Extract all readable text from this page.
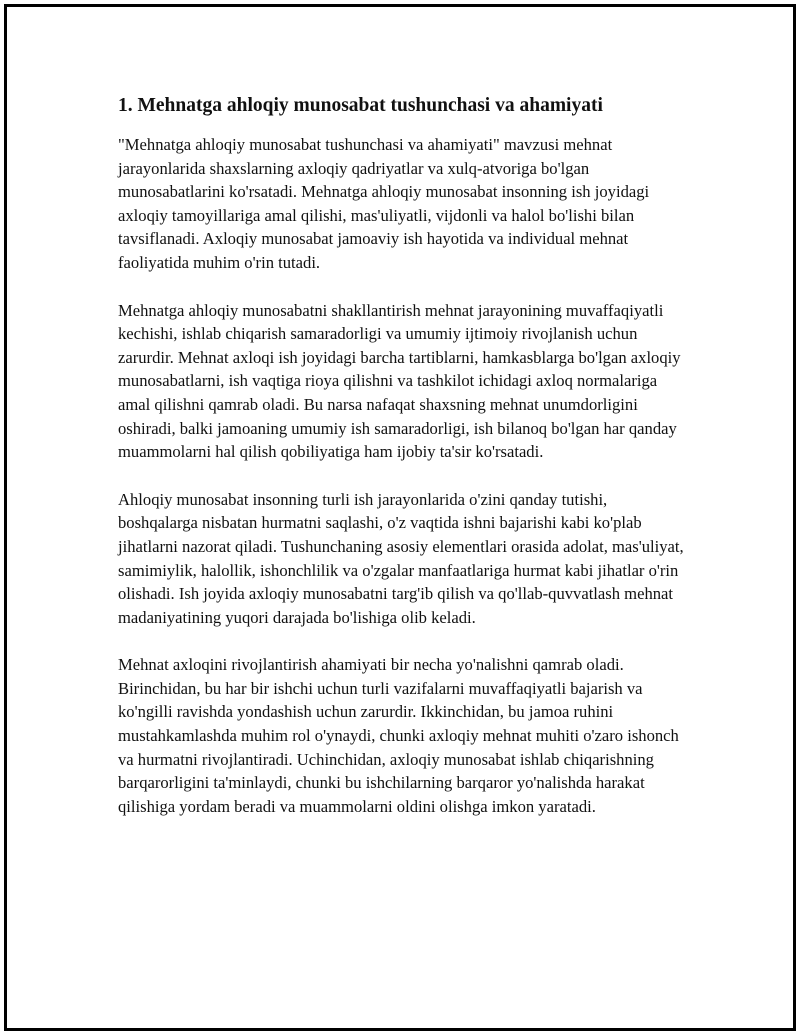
1. Mehnatga ahloqiy munosabat tushunchasi va ahamiyati

"Mehnatga ahloqiy munosabat tushunchasi va ahamiyati" mavzusi mehnat jarayonlarida shaxslarning axloqiy qadriyatlar va xulq-atvoriga bo'lgan munosabatlarini ko'rsatadi. Mehnatga ahloqiy munosabat insonning ish joyidagi axloqiy tamoyillariga amal qilishi, mas'uliyatli, vijdonli va halol bo'lishi bilan tavsiflanadi. Axloqiy munosabat jamoaviy ish hayotida va individual mehnat faoliyatida muhim o'rin tutadi.

Mehnatga ahloqiy munosabatni shakllantirish mehnat jarayonining muvaffaqiyatli kechishi, ishlab chiqarish samaradorligi va umumiy ijtimoiy rivojlanish uchun zarurdir. Mehnat axloqi ish joyidagi barcha tartiblarni, hamkasblarga bo'lgan axloqiy munosabatlarni, ish vaqtiga rioya qilishni va tashkilot ichidagi axloq normalariga amal qilishni qamrab oladi. Bu narsa nafaqat shaxsning mehnat unumdorligini oshiradi, balki jamoaning umumiy ish samaradorligi, ish bilanoq bo'lgan har qanday muammolarni hal qilish qobiliyatiga ham ijobiy ta'sir ko'rsatadi.

Ahloqiy munosabat insonning turli ish jarayonlarida o'zini qanday tutishi, boshqalarga nisbatan hurmatni saqlashi, o'z vaqtida ishni bajarishi kabi ko'plab jihatlarni nazorat qiladi. Tushunchaning asosiy elementlari orasida adolat, mas'uliyat, samimiylik, halollik, ishonchlilik va o'zgalar manfaatlariga hurmat kabi jihatlar o'rin olishadi. Ish joyida axloqiy munosabatni targ'ib qilish va qo'llab-quvvatlash mehnat madaniyatining yuqori darajada bo'lishiga olib keladi.

Mehnat axloqini rivojlantirish ahamiyati bir necha yo'nalishni qamrab oladi. Birinchidan, bu har bir ishchi uchun turli vazifalarni muvaffaqiyatli bajarish va ko'ngilli ravishda yondashish uchun zarurdir. Ikkinchidan, bu jamoa ruhini mustahkamlashda muhim rol o'ynaydi, chunki axloqiy mehnat muhiti o'zaro ishonch va hurmatni rivojlantiradi. Uchinchidan, axloqiy munosabat ishlab chiqarishning barqarorligini ta'minlaydi, chunki bu ishchilarning barqaror yo'nalishda harakat qilishiga yordam beradi va muammolarni oldini olishga imkon yaratadi.
